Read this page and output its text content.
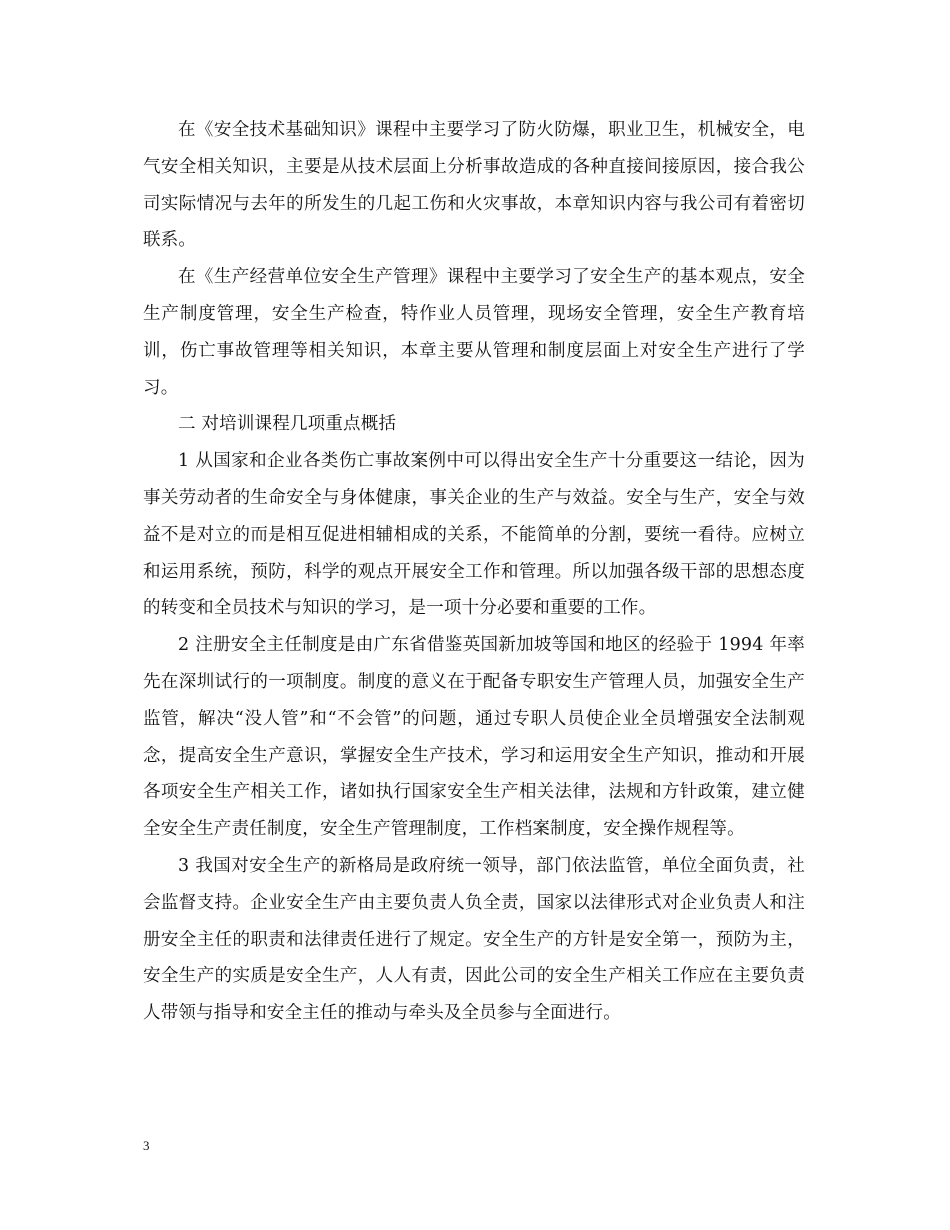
在《安全技术基础知识》课程中主要学习了防火防爆，职业卫生，机械安全，电气安全相关知识，主要是从技术层面上分析事故造成的各种直接间接原因，接合我公司实际情况与去年的所发生的几起工伤和火灾事故，本章知识内容与我公司有着密切联系。

在《生产经营单位安全生产管理》课程中主要学习了安全生产的基本观点，安全生产制度管理，安全生产检查，特作业人员管理，现场安全管理，安全生产教育培训，伤亡事故管理等相关知识，本章主要从管理和制度层面上对安全生产进行了学习。

二 对培训课程几项重点概括

1 从国家和企业各类伤亡事故案例中可以得出安全生产十分重要这一结论，因为事关劳动者的生命安全与身体健康，事关企业的生产与效益。安全与生产，安全与效益不是对立的而是相互促进相辅相成的关系，不能简单的分割，要统一看待。应树立和运用系统，预防，科学的观点开展安全工作和管理。所以加强各级干部的思想态度的转变和全员技术与知识的学习，是一项十分必要和重要的工作。

2 注册安全主任制度是由广东省借鉴英国新加坡等国和地区的经验于 1994 年率先在深圳试行的一项制度。制度的意义在于配备专职安生产管理人员，加强安全生产监管，解决“没人管”和“不会管”的问题，通过专职人员使企业全员增强安全法制观念，提高安全生产意识，掌握安全生产技术，学习和运用安全生产知识，推动和开展各项安全生产相关工作，诸如执行国家安全生产相关法律，法规和方针政策，建立健全安全生产责任制度，安全生产管理制度，工作档案制度，安全操作规程等。

3 我国对安全生产的新格局是政府统一领导，部门依法监管，单位全面负责，社会监督支持。企业安全生产由主要负责人负全责，国家以法律形式对企业负责人和注册安全主任的职责和法律责任进行了规定。安全生产的方针是安全第一，预防为主，安全生产的实质是安全生产，人人有责，因此公司的安全生产相关工作应在主要负责人带领与指导和安全主任的推动与牵头及全员参与全面进行。

3
